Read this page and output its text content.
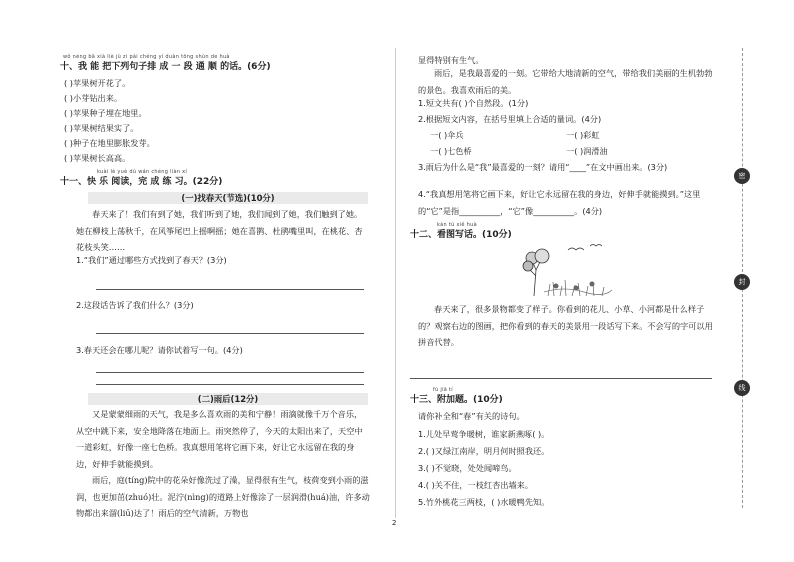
wǒ néng bǎ xià liè jù zi pái chéng yí duàn tōng shùn de huà
十、我 能 把下列句子排 成 一 段 通 顺 的话。(6分)
( )苹果树开花了。
( )小芽钻出来。
( )苹果种子埋在地里。
( )苹果树结果实了。
( )种子在地里膨胀发芽。
( )苹果树长高高。
kuài lè yuè dú wán chéng liàn xí
十一、快 乐 阅读，完 成 练 习。(22分)
(一)找春天(节选)(10分)
春天来了！我们有到了她，我们听到了她，我们闻到了她，我们触到了她。她在柳枝上荡秋千，在风筝尾巴上摇啊摇；她在喜鹊、杜鹃嘴里叫，在桃花、杏花枝头笑……
1.“我们”通过哪些方式找到了春天？(3分)
2.这段话告诉了我们什么？(3分)
3.春天还会在哪儿呢？请你试着写一句。(4分)
(二)雨后(12分)
又是蒙蒙细雨的天气，我是多么喜欢雨的美和宁静！雨滴就像千万个音乐，从空中跳下来，安全地降落在地面上。雨突然停了，今天的太阳出来了，天空中一道彩虹，好像一座七色桥。我真想用笔将它画下来，好让它永远留在我的身边，好伸手就能摸到。
雨后，庭(tíng)院中的花朵好像洗过了澡，显得很有生气，枝荷变到小雨的滋润，也更加茁(zhuó)壮。泥泞(nìng)的道路上好像涂了一层润滑(huá)油，许多动物都出来溜(liū)达了！雨后的空气清新，万物也
2
显得特别有生气。
雨后，是我最喜爱的一刻。它带给大地清新的空气，带给我们美丽的生机勃勃的景色。我喜欢雨后的美。
1.短文共有( )个自然段。(1分)
2.根据短文内容，在括号里填上合适的量词。(4分)
一( )伞兵	一( )彩虹
一( )七色桥	一( )润滑油
3.雨后为什么是“我”最喜爱的一刻？请用“____”在文中画出来。(3分)
4.“我真想用笔将它画下来，好让它永远留在我的身边，好伸手就能摸到。”这里的“它”是指__________，“它”像__________。(4分)
kàn tú xiě huà
十二、看图写话。(10分)
春天来了，很多景物都变了样子。你看到的花儿、小草、小河都是什么样子的？观察右边的图画，把你看到的春天的美景用一段话写下来。不会写的字可以用拼音代替。
fù jiā tí
十三、附加题。(10分)
请你补全和“春”有关的诗句。
1.儿处早莺争暖树，谁家新燕啄( )。
2.( )又绿江南岸，明月何时照我还。
3.( )不觉晓，处处闻啼鸟。
4.( )关不住，一枝红杏出墙来。
5.竹外桃花三两枝，( )水暖鸭先知。
密
封
线
